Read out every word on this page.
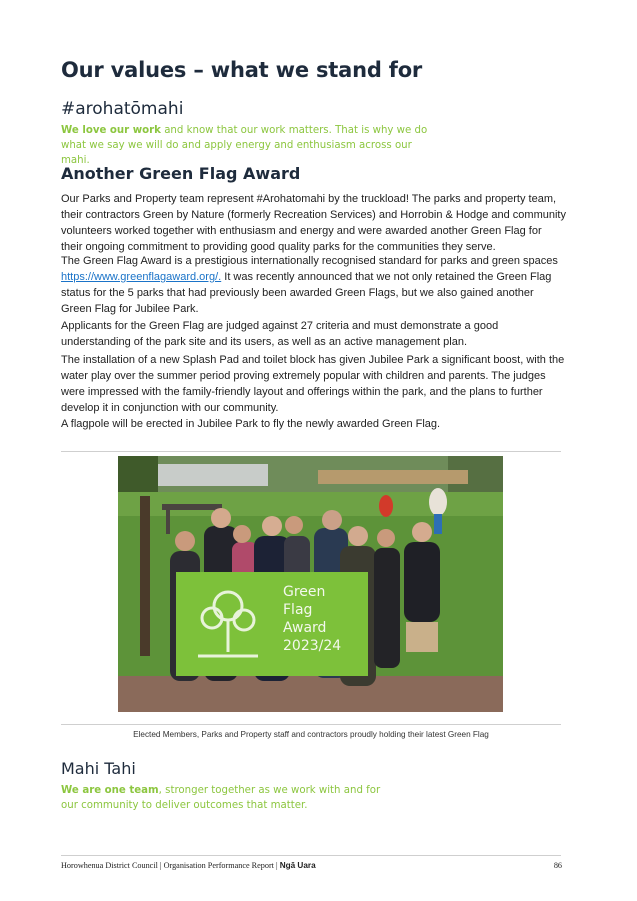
Our values – what we stand for
#arohatōmahi
We love our work and know that our work matters. That is why we do
what we say we will do and apply energy and enthusiasm across our mahi.
Another Green Flag Award

Our Parks and Property team represent #Arohatomahi by the truckload! The parks and property team, their contractors Green by Nature (formerly Recreation Services) and Horrobin & Hodge and community volunteers worked together with enthusiasm and energy and were awarded another Green Flag for their ongoing commitment to providing good quality parks for the communities they serve.

The Green Flag Award is a prestigious internationally recognised standard for parks and green spaces https://www.greenflagaward.org/. It was recently announced that we not only retained the Green Flag status for the 5 parks that had previously been awarded Green Flags, but we also gained another Green Flag for Jubilee Park.

Applicants for the Green Flag are judged against 27 criteria and must demonstrate a good understanding of the park site and its users, as well as an active management plan.

The installation of a new Splash Pad and toilet block has given Jubilee Park a significant boost, with the water play over the summer period proving extremely popular with children and parents. The judges were impressed with the family-friendly layout and offerings within the park, and the plans to further develop it in conjunction with our community.

A flagpole will be erected in Jubilee Park to fly the newly awarded Green Flag.

Green
Flag
Award
2023/24
Elected Members, Parks and Property staff and contractors proudly holding their latest Green Flag
Mahi Tahi
We are one team, stronger together as we work with and for
our community to deliver outcomes that matter.
Horowhenua District Council | Organisation Performance Report | Ngā Uara	86
